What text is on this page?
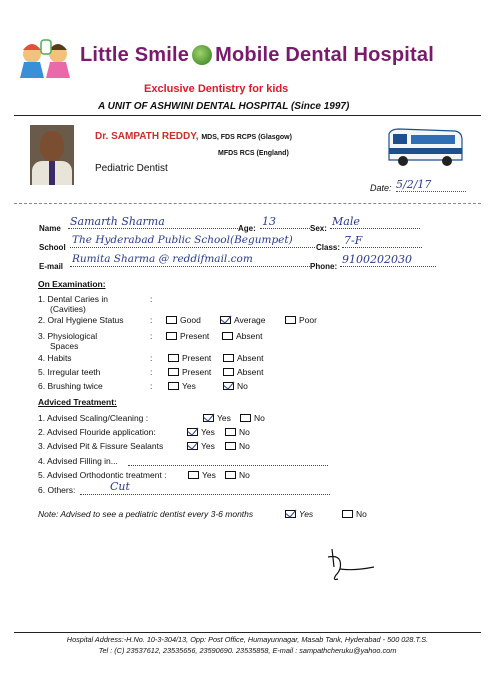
Little Smile Mobile Dental Hospital
Exclusive Dentistry for kids
A UNIT OF ASHWINI DENTAL HOSPITAL (Since 1997)
Dr. SAMPATH REDDY, MDS, FDS RCPS (Glasgow)
MFDS RCS (England)
Pediatric Dentist
Date: 5/2/17
Name
Samarth Sharma
Age:
13
Sex:
Male
School
The Hyderabad Public School(Begumpet)
Class:
7-F
E-mail
Rumita Sharma @ reddifmail.com
Phone:
9100202030
On Examination:
1. Dental Caries in
(Cavities)
:
2. Oral Hygiene Status	:	Good	Average	Poor
3. Physiological
Spaces
:	Present	Absent
4. Habits	:	Present	Absent
5. Irregular teeth	:	Present	Absent
6. Brushing twice	:	Yes	No
Adviced Treatment:
1. Advised Scaling/Cleaning :	Yes	No
2. Advised Flouride application:	Yes	No
3. Advised Pit & Fissure Sealants	Yes	No
4. Advised Filling in...
5. Advised Orthodontic treatment :	Yes	No
6. Others:	Cut
Note: Advised to see a pediatric dentist every 3-6 months	Yes	No
Hospital Address:-H.No. 10-3-304/13, Opp: Post Office, Humayunnagar, Masab Tank, Hyderabad - 500 028.T.S.
Tel : (C) 23537612, 23535656, 23590690. 23535858, E-mail : sampathcheruku@yahoo.com
